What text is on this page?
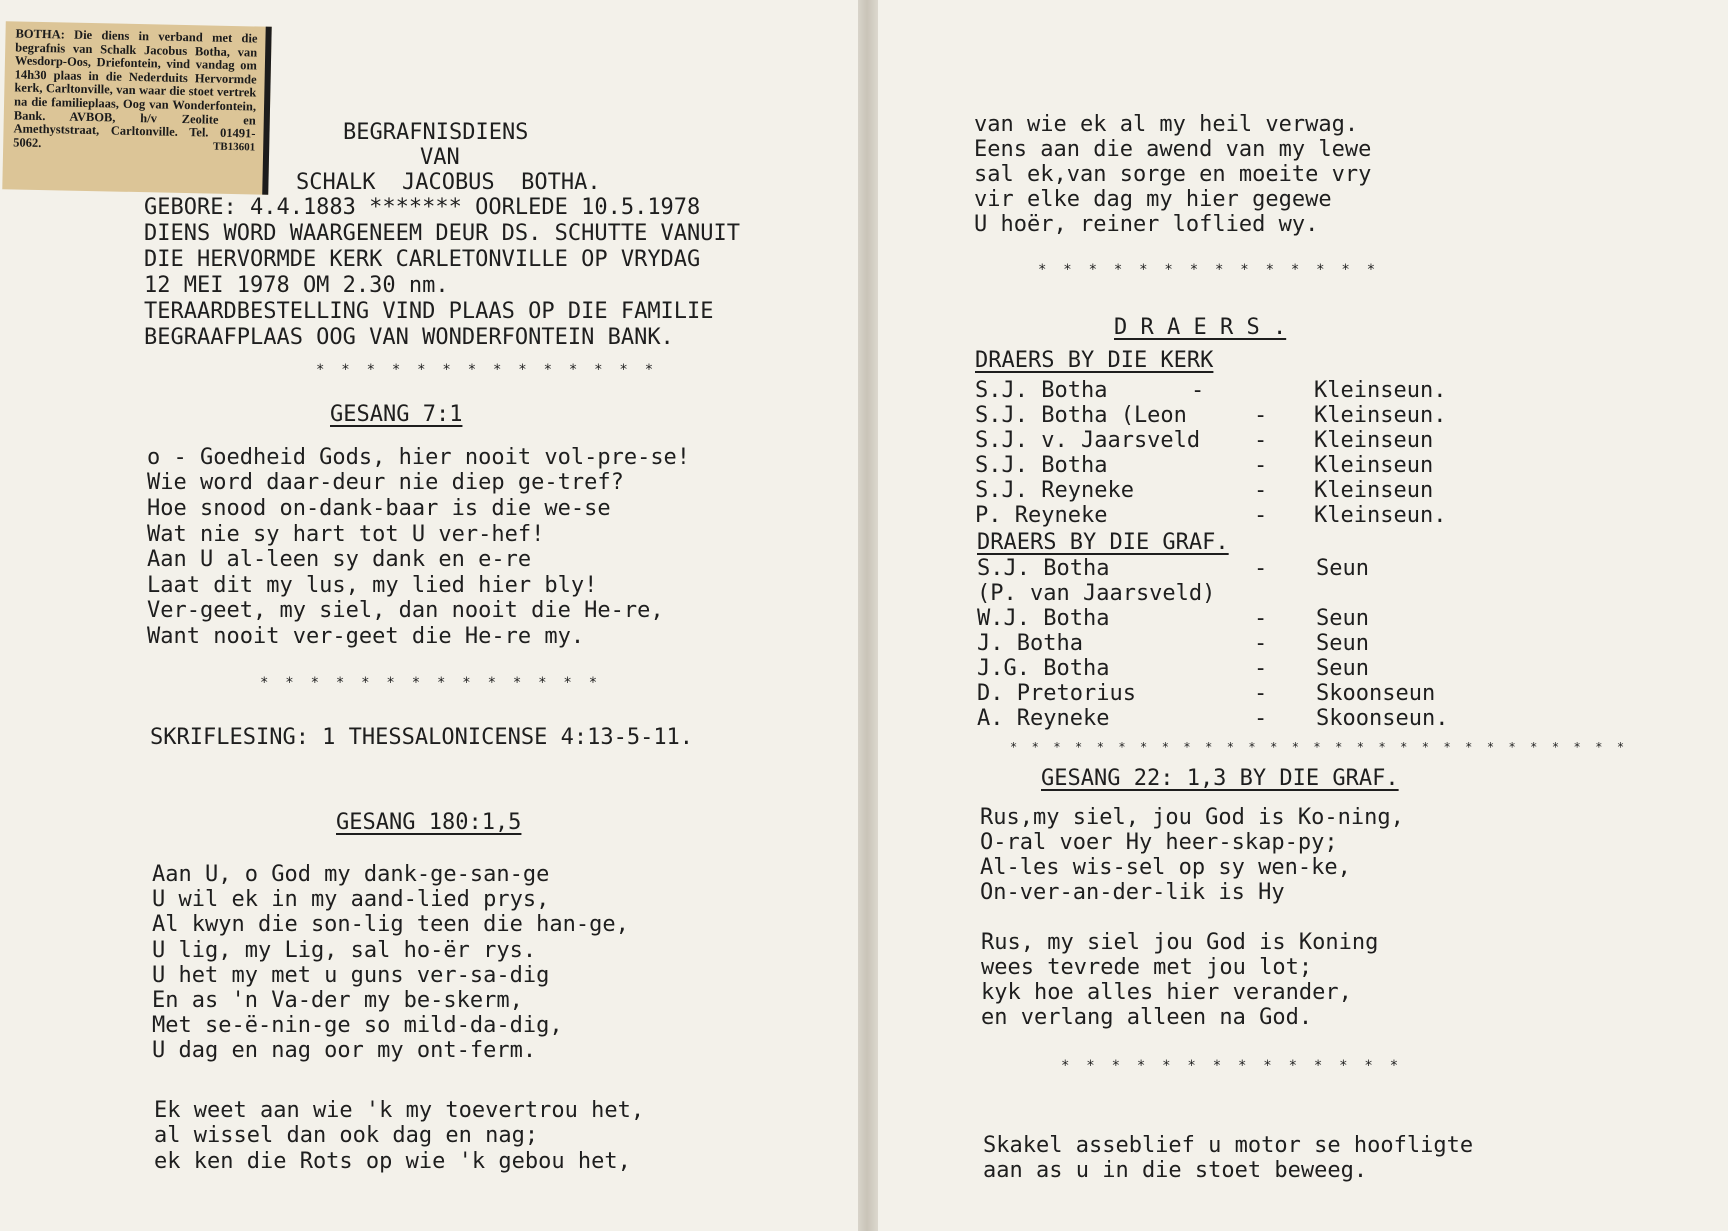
BOTHA: Die diens in verband met die begrafnis van Schalk Jacobus Botha, van Wesdorp-Oos, Driefontein, vind vandag om 14h30 plaas in die Nederduits Hervormde kerk, Carltonville, van waar die stoet vertrek na die familieplaas, Oog van Wonderfontein, Bank. AVBOB, h/v Zeolite en Amethyststraat, Carltonville. Tel. 01491-5062.	TB13601
BEGRAFNISDIENS
VAN
SCHALK  JACOBUS  BOTHA.
GEBORE: 4.4.1883 ******* OORLEDE 10.5.1978
DIENS WORD WAARGENEEM DEUR DS. SCHUTTE VANUIT
DIE HERVORMDE KERK CARLETONVILLE OP VRYDAG
12 MEI 1978 OM 2.30 nm.
TERAARDBESTELLING VIND PLAAS OP DIE FAMILIE
BEGRAAFPLAAS OOG VAN WONDERFONTEIN BANK.
*  *  *  *  *  *  *  *  *  *  *  *  *  *
GESANG 7:1
o - Goedheid Gods, hier nooit vol-pre-se!
Wie word daar-deur nie diep ge-tref?
Hoe snood on-dank-baar is die we-se
Wat nie sy hart tot U ver-hef!
Aan U al-leen sy dank en e-re
Laat dit my lus, my lied hier bly!
Ver-geet, my siel, dan nooit die He-re,
Want nooit ver-geet die He-re my.
*  *  *  *  *  *  *  *  *  *  *  *  *  *
SKRIFLESING: 1 THESSALONICENSE 4:13-5-11.
GESANG 180:1,5
Aan U, o God my dank-ge-san-ge
U wil ek in my aand-lied prys,
Al kwyn die son-lig teen die han-ge,
U lig, my Lig, sal ho-ër rys.
U het my met u guns ver-sa-dig
En as 'n Va-der my be-skerm,
Met se-ë-nin-ge so mild-da-dig,
U dag en nag oor my ont-ferm.
Ek weet aan wie 'k my toevertrou het,
al wissel dan ook dag en nag;
ek ken die Rots op wie 'k gebou het,
van wie ek al my heil verwag.
Eens aan die awend van my lewe
sal ek,van sorge en moeite vry
vir elke dag my hier gegewe
U hoër, reiner loflied wy.
*  *  *  *  *  *  *  *  *  *  *  *  *  *
D R A E R S .
DRAERS BY DIE KERK
S.J. Botha	-	Kleinseun.
S.J. Botha (Leon	- Kleinseun.
S.J. v. Jaarsveld - Kleinseun
S.J. Botha	- Kleinseun
S.J. Reyneke	- Kleinseun
P. Reyneke	- Kleinseun.
DRAERS BY DIE GRAF.
S.J. Botha	- Seun
(P. van Jaarsveld)
W.J. Botha	- Seun
J. Botha	- Seun
J.G. Botha	- Seun
D. Pretorius	- Skoonseun
A. Reyneke	- Skoonseun.
*  *  *  *  *  *  *  *  *  *  *  *  *  *  *  *  *  *  *  *  *  *  *  *  *  *  *  *  *
GESANG 22: 1,3 BY DIE GRAF.
Rus,my siel, jou God is Ko-ning,
O-ral voer Hy heer-skap-py;
Al-les wis-sel op sy wen-ke,
On-ver-an-der-lik is Hy
Rus, my siel jou God is Koning
wees tevrede met jou lot;
kyk hoe alles hier verander,
en verlang alleen na God.
*  *  *  *  *  *  *  *  *  *  *  *  *  *
Skakel asseblief u motor se hoofligte
aan as u in die stoet beweeg.
